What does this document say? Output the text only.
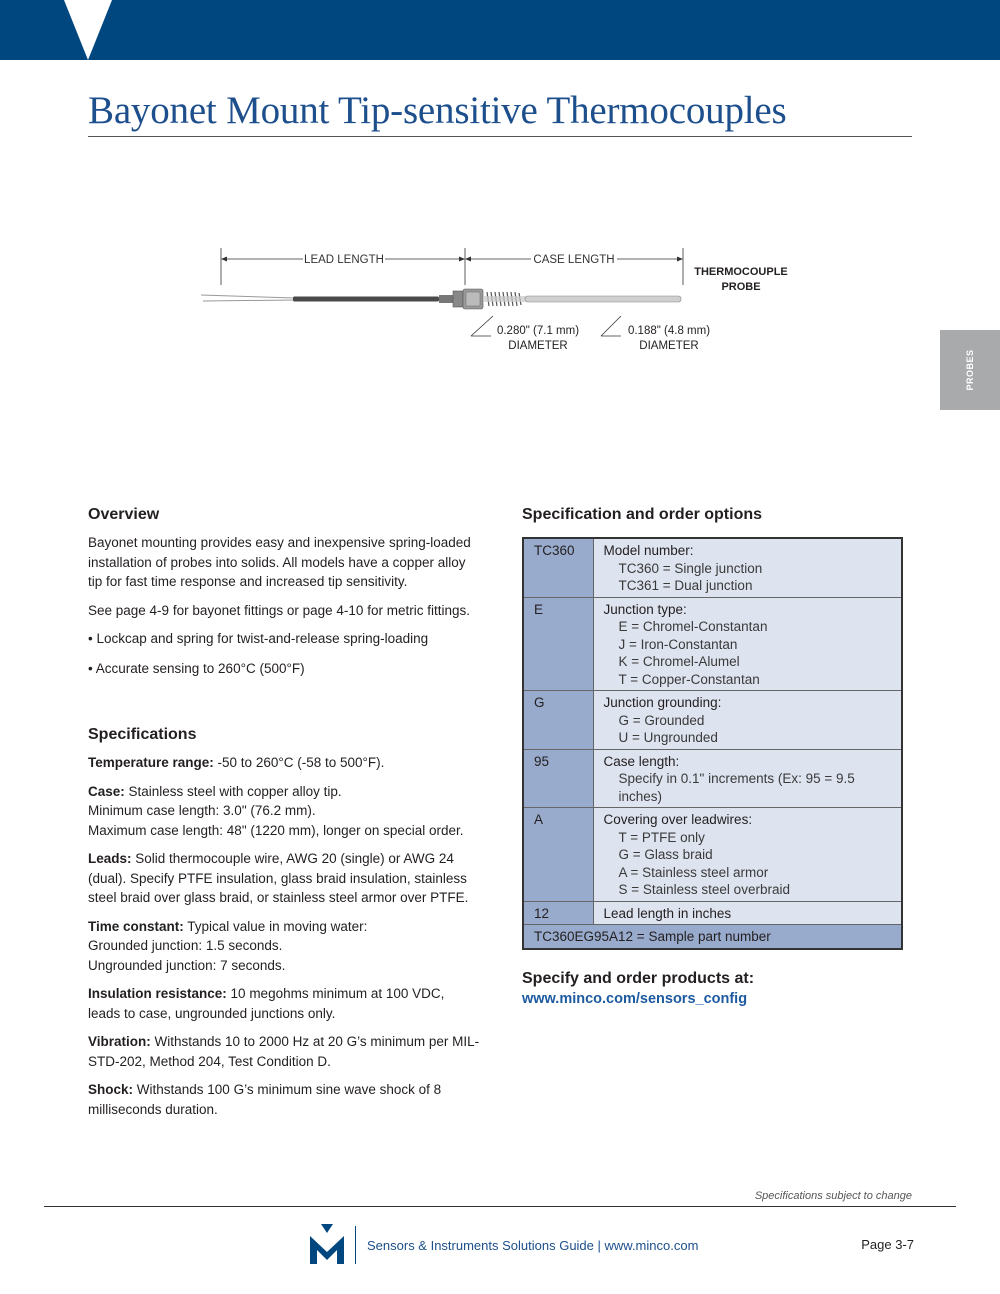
Bayonet Mount Tip-sensitive Thermocouples
LEAD LENGTH	CASE LENGTH
THERMOCOUPLE
PROBE
0.280" (7.1 mm)
DIAMETER
0.188" (4.8 mm)
DIAMETER
PROBES
Overview

Bayonet mounting provides easy and inexpensive spring-loaded installation of probes into solids. All models have a copper alloy tip for fast time response and increased tip sensitivity.

See page 4-9 for bayonet fittings or page 4-10 for metric fittings.

• Lockcap and spring for twist-and-release spring-loading
• Accurate sensing to 260°C (500°F)
Specifications

Temperature range: -50 to 260°C (-58 to 500°F).

Case: Stainless steel with copper alloy tip.
Minimum case length: 3.0" (76.2 mm).
Maximum case length: 48" (1220 mm), longer on special order.

Leads: Solid thermocouple wire, AWG 20 (single) or AWG 24 (dual). Specify PTFE insulation, glass braid insulation, stainless steel braid over glass braid, or stainless steel armor over PTFE.

Time constant: Typical value in moving water:
Grounded junction: 1.5 seconds.
Ungrounded junction: 7 seconds.

Insulation resistance: 10 megohms minimum at 100 VDC, leads to case, ungrounded junctions only.

Vibration: Withstands 10 to 2000 Hz at 20 G’s minimum per MIL-STD-202, Method 204, Test Condition D.

Shock: Withstands 100 G’s minimum sine wave shock of 8 milliseconds duration.

Specification and order options
TC360	Model number:
TC360 = Single junction
TC361 = Dual junction

E	Junction type:
E = Chromel-Constantan
J = Iron-Constantan
K = Chromel-Alumel
T = Copper-Constantan

G	Junction grounding:
G = Grounded
U = Ungrounded

95	Case length:
Specify in 0.1" increments (Ex: 95 = 9.5 inches)

A	Covering over leadwires:
T = PTFE only
G = Glass braid
A = Stainless steel armor
S = Stainless steel overbraid

12	Lead length in inches

TC360EG95A12 = Sample part number	
Specify and order products at:
www.minco.com/sensors_config
Specifications subject to change
Sensors & Instruments Solutions Guide | www.minco.com	Page 3-7
